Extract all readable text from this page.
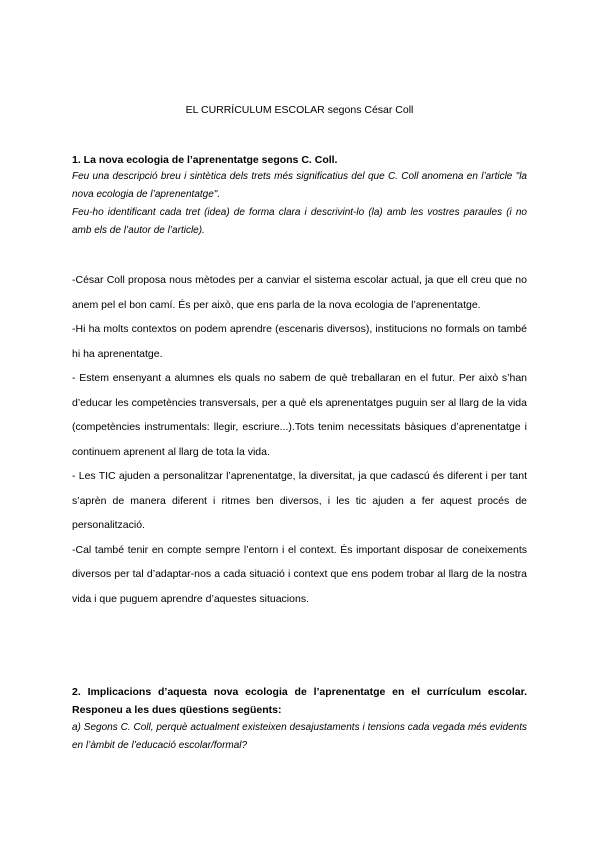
EL CURRÍCULUM ESCOLAR segons César Coll

1. La nova ecologia de l’aprenentatge segons C. Coll.

Feu una descripció breu i sintètica dels trets més significatius del que C. Coll anomena en l’article "la nova ecologia de l’aprenentatge".

Feu-ho identificant cada tret (idea) de forma clara i descrivint-lo (la) amb les vostres paraules (i no amb els de l’autor de l’article).

-César Coll proposa nous mètodes per a canviar el sistema escolar actual, ja que ell creu que no anem pel el bon camí. És per això, que ens parla de la nova ecologia de l’aprenentatge.

-Hi ha molts contextos on podem aprendre (escenaris diversos), institucions no formals on també hi ha aprenentatge.

- Estem ensenyant a alumnes els quals no sabem de què treballaran en el futur. Per això s’han d’educar les competències transversals, per a què els aprenentatges puguin ser al llarg de la vida (competències instrumentals: llegir, escriure...).Tots tenim necessitats bàsiques d’aprenentatge i continuem aprenent al llarg de tota la vida.

- Les TIC ajuden a personalitzar l’aprenentatge, la diversitat, ja que cadascú és diferent i per tant s’aprèn de manera diferent i ritmes ben diversos, i les tic ajuden a fer aquest procés de personalització.

-Cal també tenir en compte sempre l’entorn i el context. És important disposar de coneixements diversos per tal d’adaptar-nos a cada situació i context que ens podem trobar al llarg de la nostra vida i que puguem aprendre d’aquestes situacions.

2. Implicacions d’aquesta nova ecologia de l’aprenentatge en el currículum escolar. Responeu a les dues qüestions següents:

a) Segons C. Coll, perquè actualment existeixen desajustaments i tensions cada vegada més evidents en l’àmbit de l’educació escolar/formal?
